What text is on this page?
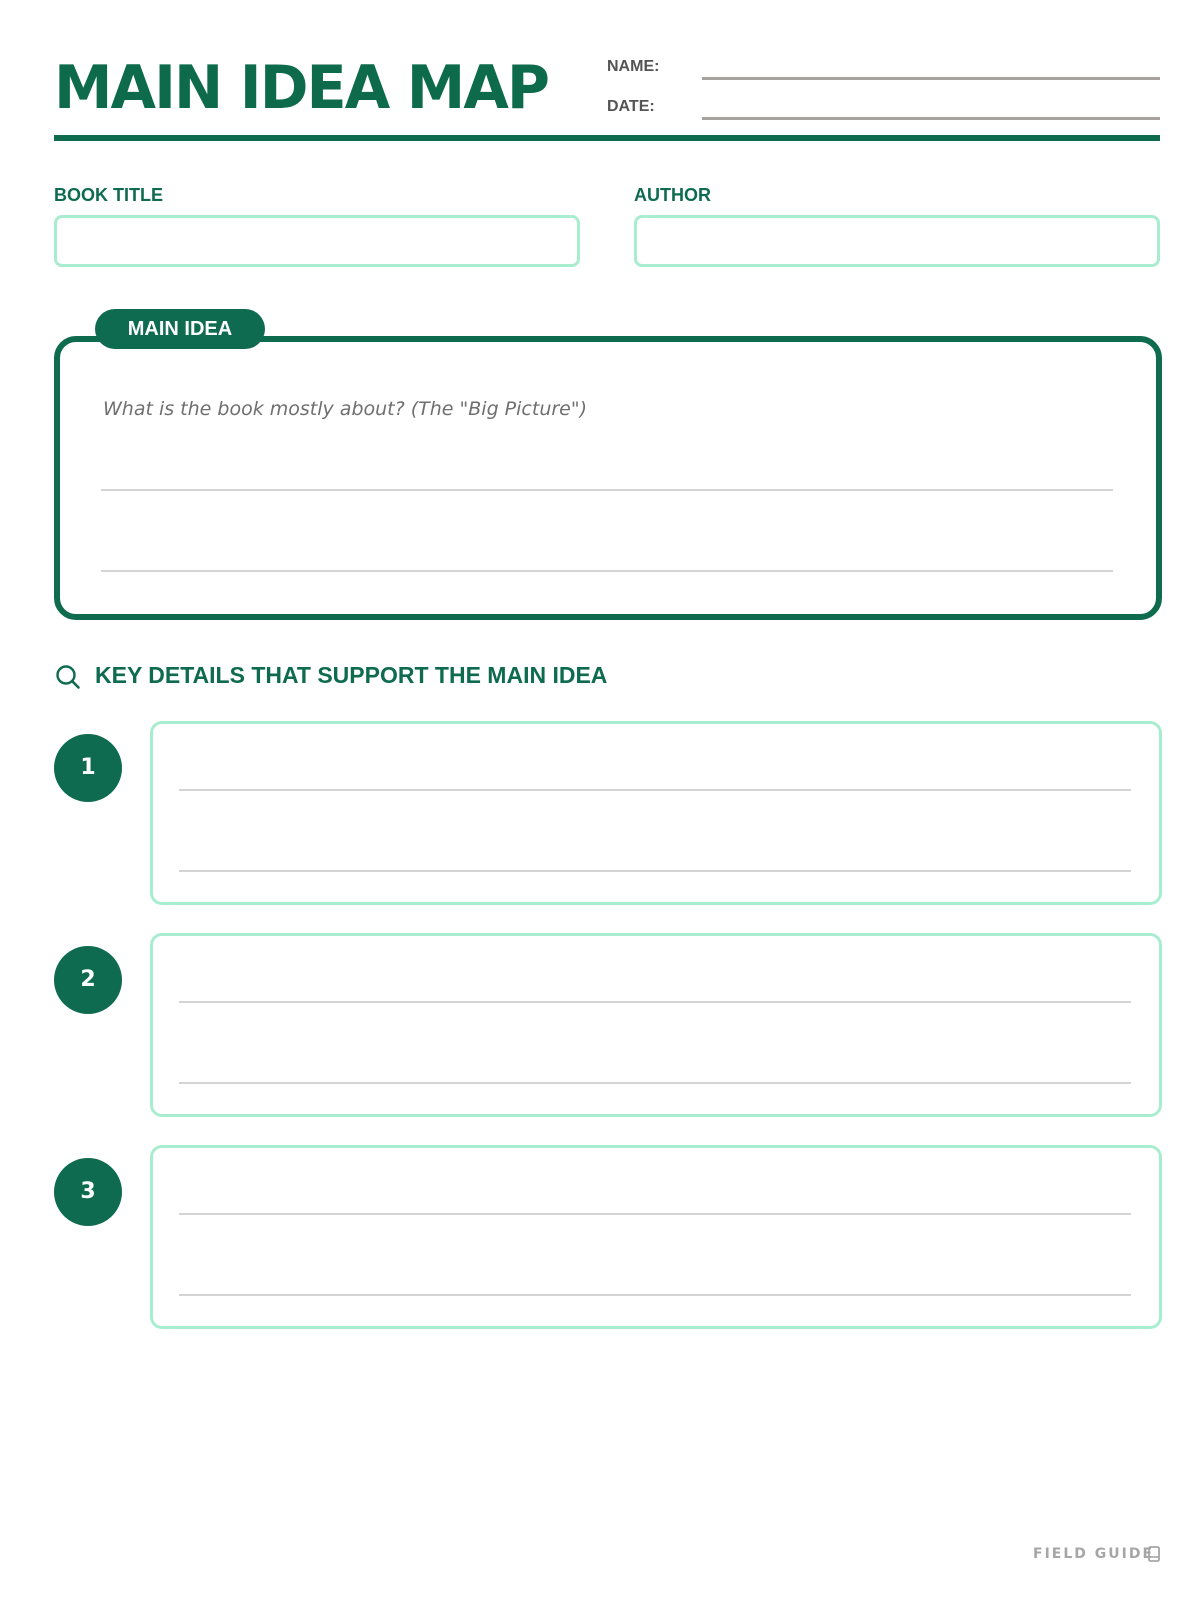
MAIN IDEA MAP	NAME:
DATE:
BOOK TITLE	AUTHOR
MAIN IDEA
What is the book mostly about? (The "Big Picture")
KEY DETAILS THAT SUPPORT THE MAIN IDEA
1
2
3
FIELD GUIDE
